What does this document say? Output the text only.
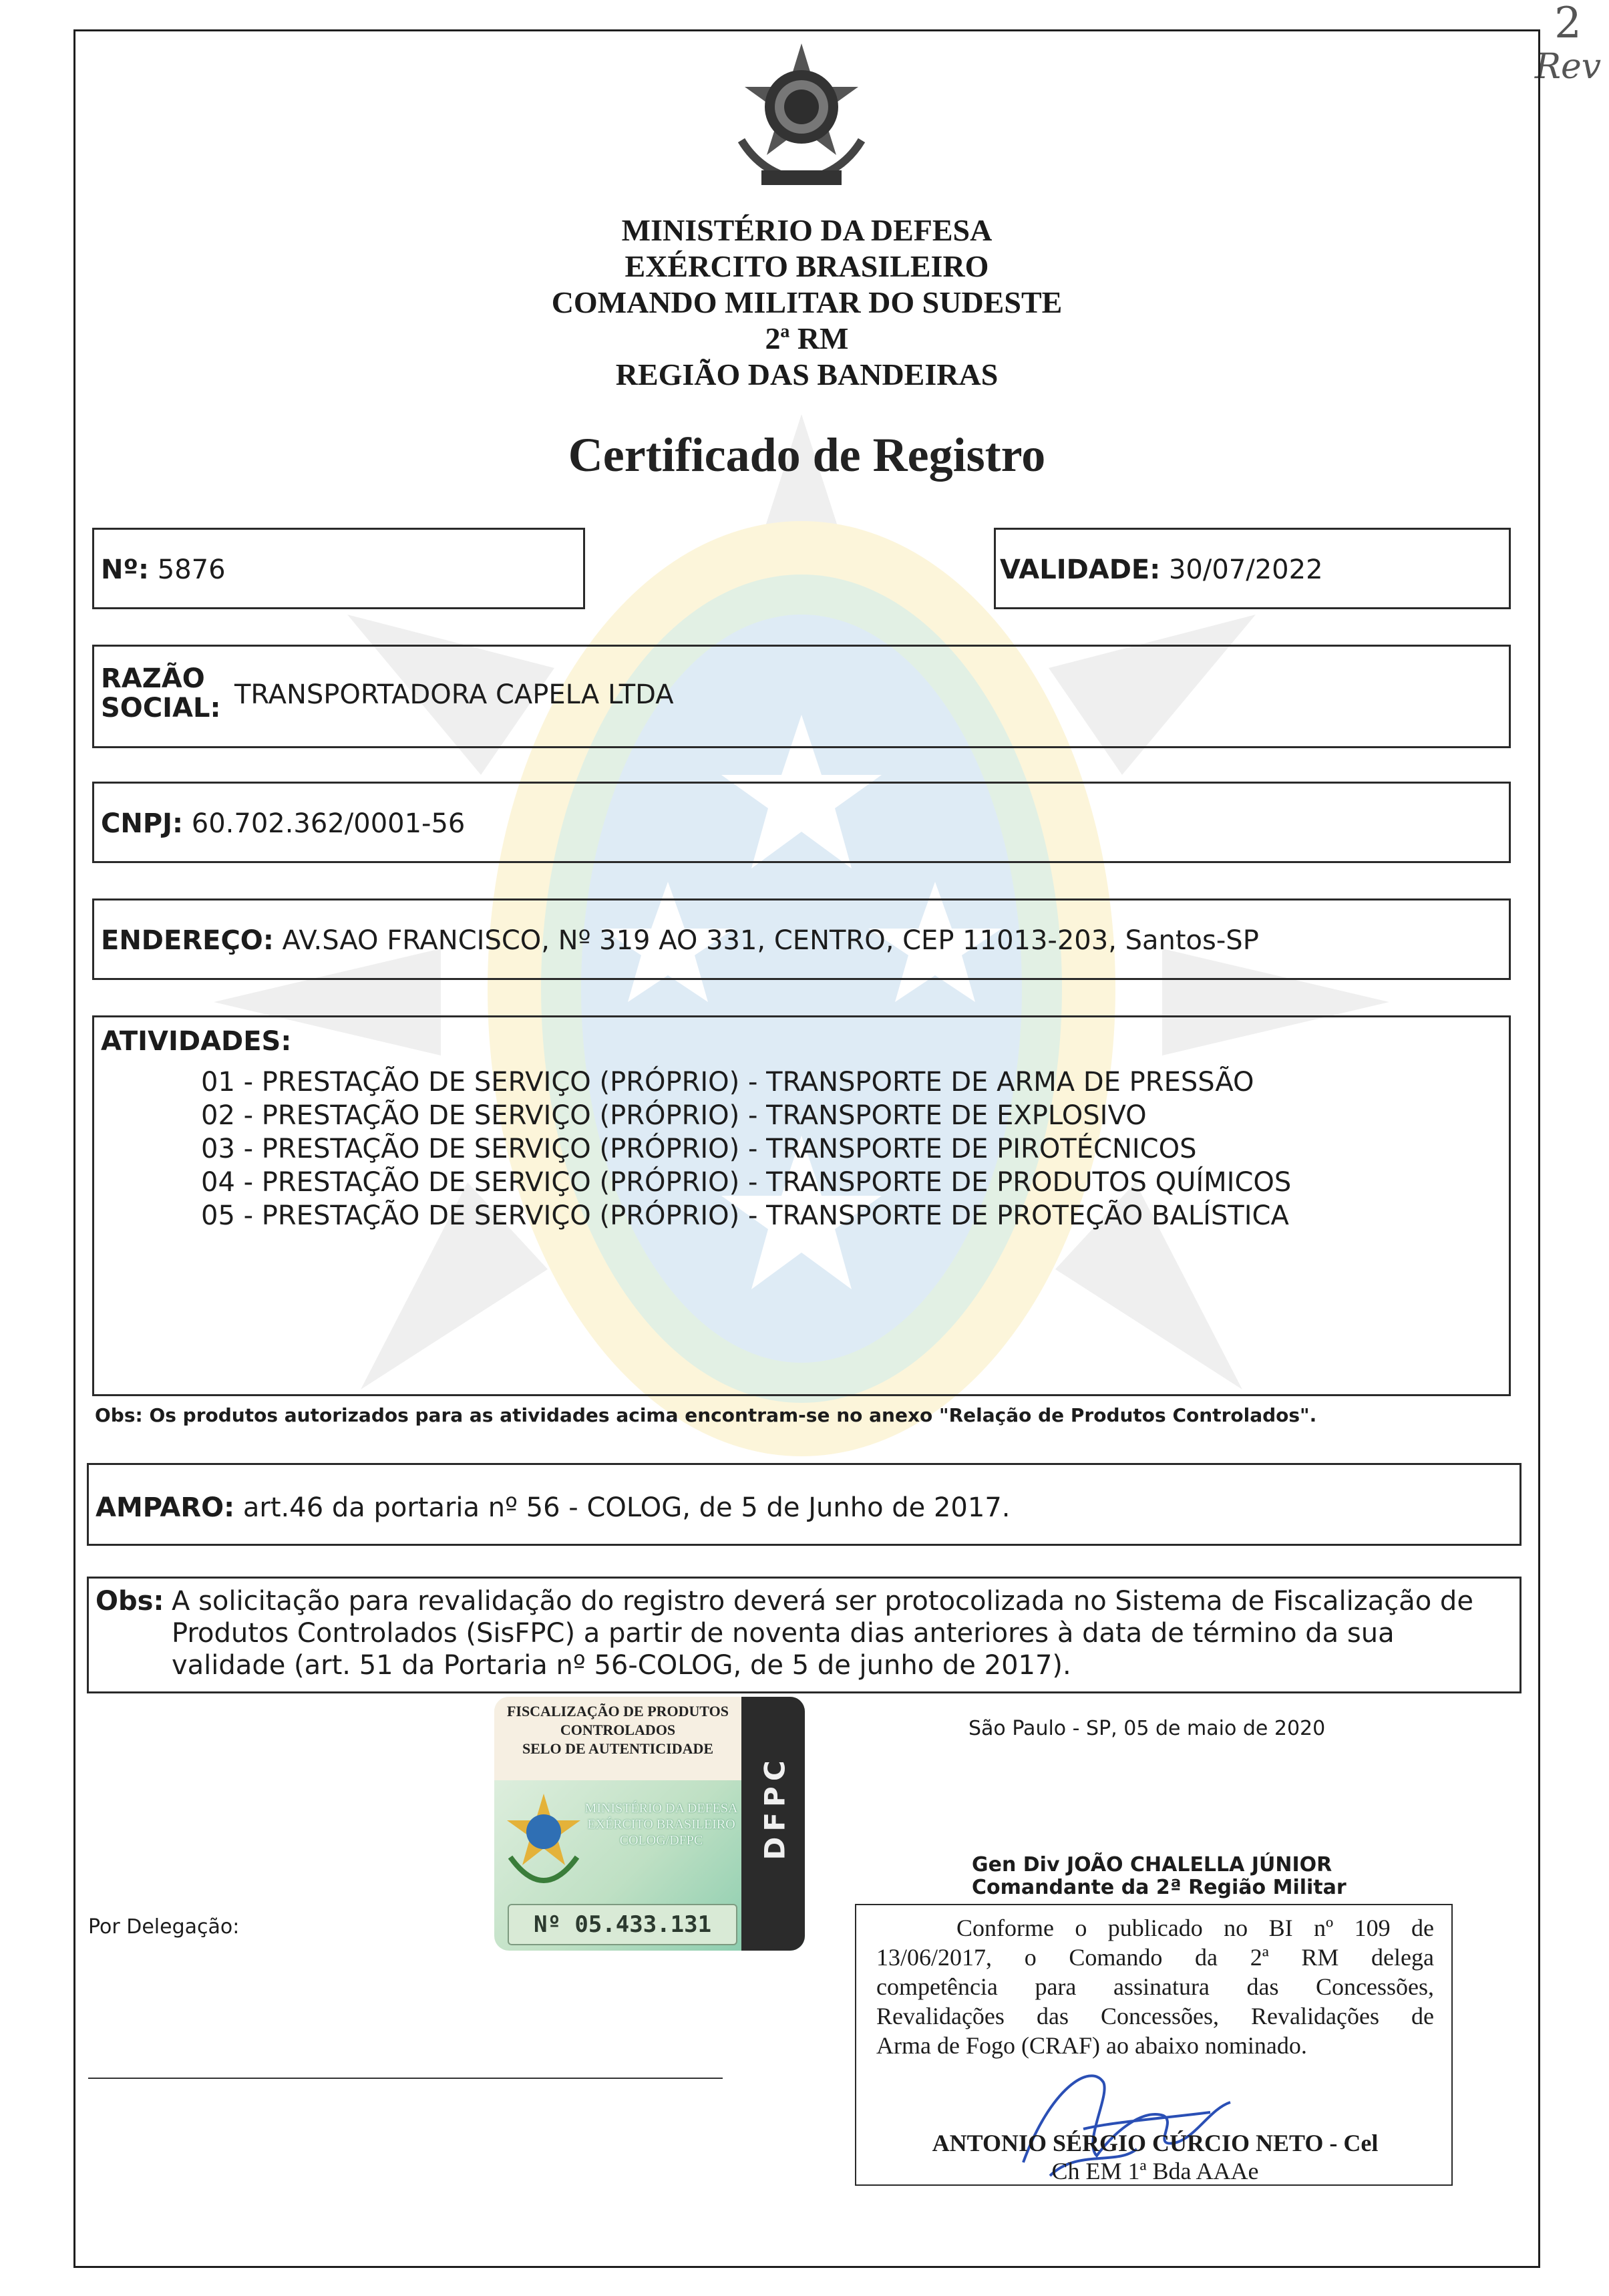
2
Rev

MINISTÉRIO DA DEFESA

EXÉRCITO BRASILEIRO

COMANDO MILITAR DO SUDESTE

2ª RM

REGIÃO DAS BANDEIRAS

Certificado de Registro
Nº: 5876	VALIDADE: 30/07/2022
RAZÃO
SOCIAL: TRANSPORTADORA CAPELA LTDA
CNPJ: 60.702.362/0001-56
ENDEREÇO: AV.SAO FRANCISCO, Nº 319 AO 331, CENTRO, CEP 11013-203, Santos-SP
ATIVIDADES:

01 - PRESTAÇÃO DE SERVIÇO (PRÓPRIO) - TRANSPORTE DE ARMA DE PRESSÃO

02 - PRESTAÇÃO DE SERVIÇO (PRÓPRIO) - TRANSPORTE DE EXPLOSIVO

03 - PRESTAÇÃO DE SERVIÇO (PRÓPRIO) - TRANSPORTE DE PIROTÉCNICOS

04 - PRESTAÇÃO DE SERVIÇO (PRÓPRIO) - TRANSPORTE DE PRODUTOS QUÍMICOS

05 - PRESTAÇÃO DE SERVIÇO (PRÓPRIO) - TRANSPORTE DE PROTEÇÃO BALÍSTICA

Obs: Os produtos autorizados para as atividades acima encontram-se no anexo "Relação de Produtos Controlados".
AMPARO: art.46 da portaria nº 56 - COLOG, de 5 de Junho de 2017.
Obs: A solicitação para revalidação do registro deverá ser protocolizada no Sistema de Fiscalização de
Produtos Controlados (SisFPC) a partir de noventa dias anteriores à data de término da sua
validade (art. 51 da Portaria nº 56-COLOG, de 5 de junho de 2017).
FISCALIZAÇÃO DE PRODUTOS
CONTROLADOS
SELO DE AUTENTICIDADE
MINISTÉRIO DA DEFESA
EXÉRCITO BRASILEIRO
COLOG/DFPC	DFPC
Nº 05.433.131
São Paulo - SP, 05 de maio de 2020
Gen Div JOÃO CHALELLA JÚNIOR
Comandante da 2ª Região Militar
Por Delegação:	Conforme o publicado no BI nº 109 de
13/06/2017, o Comando da 2ª RM delega
competência para assinatura das Concessões,
Revalidações das Concessões, Revalidações de
Arma de Fogo (CRAF) ao abaixo nominado.
ANTONIO SÉRGIO CÚRCIO NETO - Cel
Ch EM 1ª Bda AAAe
